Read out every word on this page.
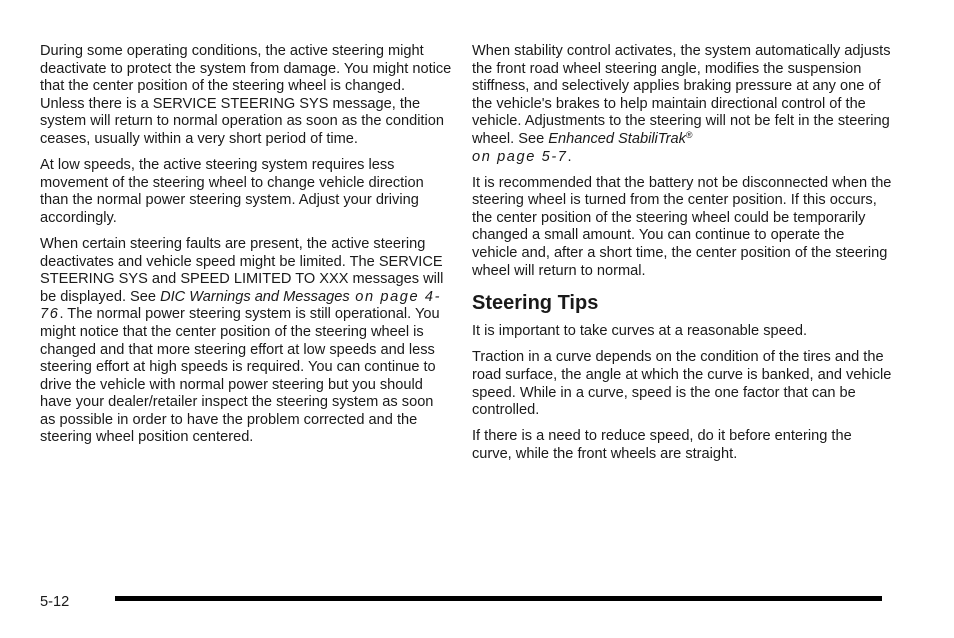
During some operating conditions, the active steering might deactivate to protect the system from damage. You might notice that the center position of the steering wheel is changed. Unless there is a SERVICE STEERING SYS message, the system will return to normal operation as soon as the condition ceases, usually within a very short period of time.

At low speeds, the active steering system requires less movement of the steering wheel to change vehicle direction than the normal power steering system. Adjust your driving accordingly.

When certain steering faults are present, the active steering deactivates and vehicle speed might be limited. The SERVICE STEERING SYS and SPEED LIMITED TO XXX messages will be displayed. See DIC Warnings and Messages on page 4-76. The normal power steering system is still operational. You might notice that the center position of the steering wheel is changed and that more steering effort at low speeds and less steering effort at high speeds is required. You can continue to drive the vehicle with normal power steering but you should have your dealer/retailer inspect the steering system as soon as possible in order to have the problem corrected and the steering wheel position centered.

When stability control activates, the system automatically adjusts the front road wheel steering angle, modifies the suspension stiffness, and selectively applies braking pressure at any one of the vehicle's brakes to help maintain directional control of the vehicle. Adjustments to the steering will not be felt in the steering wheel. See Enhanced StabiliTrak®
on page 5-7.

It is recommended that the battery not be disconnected when the steering wheel is turned from the center position. If this occurs, the center position of the steering wheel could be temporarily changed a small amount. You can continue to operate the vehicle and, after a short time, the center position of the steering wheel will return to normal.

Steering Tips

It is important to take curves at a reasonable speed.

Traction in a curve depends on the condition of the tires and the road surface, the angle at which the curve is banked, and vehicle speed. While in a curve, speed is the one factor that can be controlled.

If there is a need to reduce speed, do it before entering the curve, while the front wheels are straight.

5-12
